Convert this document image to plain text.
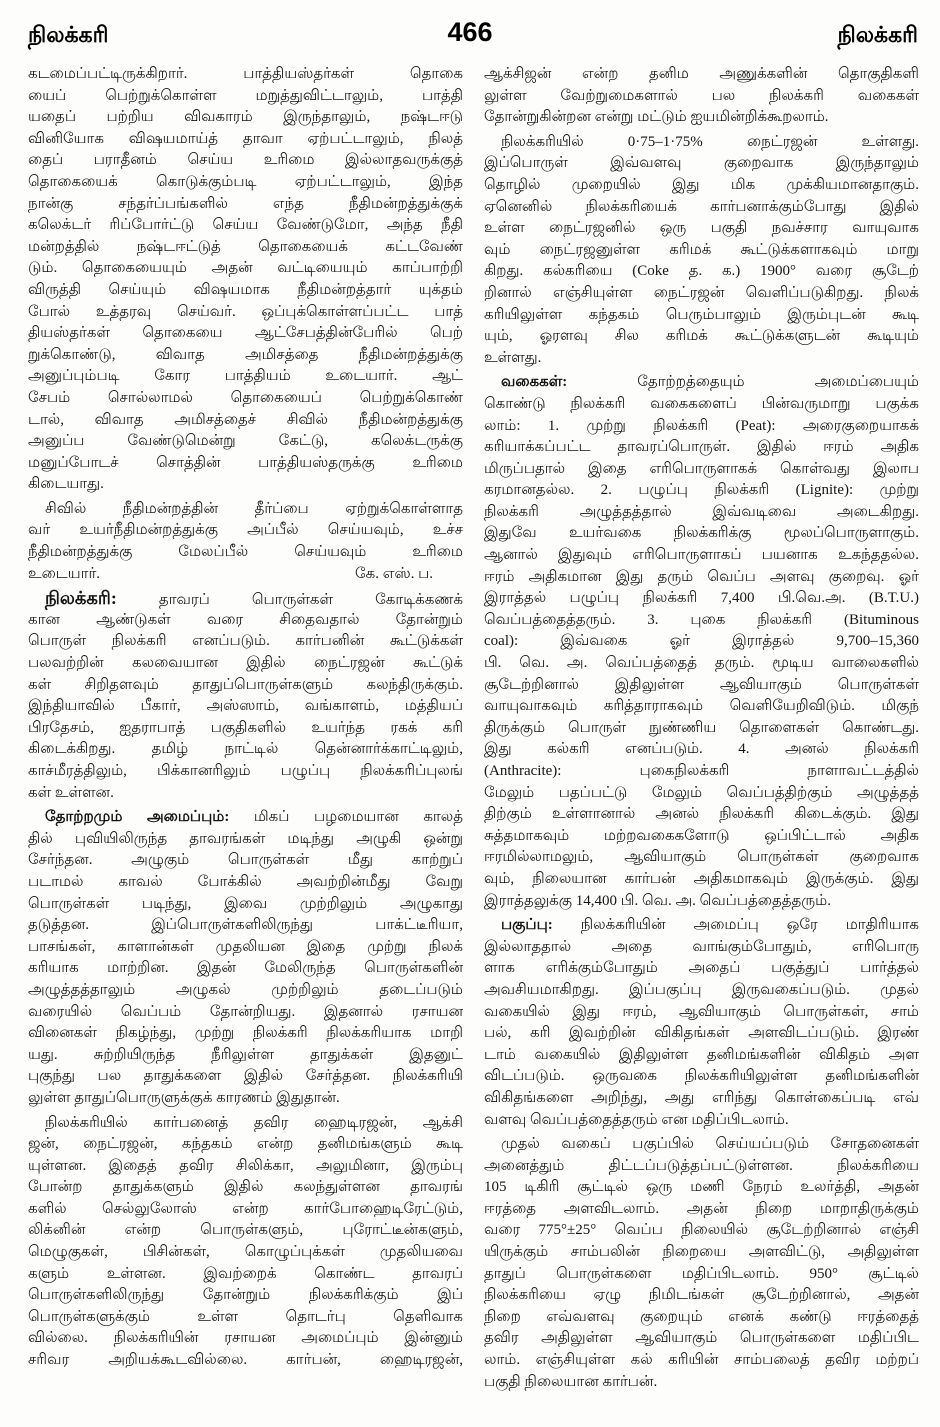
நிலக்கரி	466	நிலக்கரி
கடமைப்பட்டிருக்கிறார். பாத்தியஸ்தர்கள் தொகை
யைப் பெற்றுக்கொள்ள மறுத்துவிட்டாலும், பாத்தி
யதைப் பற்றிய விவகாரம் இருந்தாலும், நஷ்டஈடு
வினியோக விஷயமாய்த் தாவா ஏற்பட்டாலும், நிலத்
தைப் பராதீனம் செய்ய உரிமை இல்லாதவருக்குத்
தொகையைக் கொடுக்கும்படி ஏற்பட்டாலும், இந்த
நான்கு சந்தர்ப்பங்களில் எந்த நீதிமன்றத்துக்குக்
கலெக்டர் ரிப்போர்ட்டு செய்ய வேண்டுமோ, அந்த நீதி
மன்றத்தில் நஷ்டஈட்டுத் தொகையைக் கட்டவேண்
டும். தொகையையும் அதன் வட்டியையும் காப்பாற்றி
விருத்தி செய்யும் விஷயமாக நீதிமன்றத்தார் யுக்தம்
போல் உத்தரவு செய்வர். ஒப்புக்கொள்ளப்பட்ட பாத்
தியஸ்தர்கள் தொகையை ஆட்சேபத்தின்பேரில் பெற்
றுக்கொண்டு, விவாத அமிசத்தை நீதிமன்றத்துக்கு
அனுப்பும்படி கோர பாத்தியம் உடையார். ஆட்
சேபம் சொல்லாமல் தொகையைப் பெற்றுக்கொண்
டால், விவாத அமிசத்தைச் சிவில் நீதிமன்றத்துக்கு
அனுப்ப வேண்டுமென்று கேட்டு, கலெக்டருக்கு
மனுப்போடச் சொத்தின் பாத்தியஸ்தருக்கு உரிமை
கிடையாது.
சிவில் நீதிமன்றத்தின் தீர்ப்பை ஏற்றுக்கொள்ளாத
வர் உயர்நீதிமன்றத்துக்கு அப்பீல் செய்யவும், உச்ச
நீதிமன்றத்துக்கு மேலப்பீல் செய்யவும் உரிமை
உடையார்.	கே. எஸ். ப.
நிலக்கரி:	தாவரப் பொருள்கள் கோடிக்கணக்
கான ஆண்டுகள் வரை சிதைவதால் தோன்றும்
பொருள் நிலக்கரி எனப்படும். கார்பனின் கூட்டுக்கள்
பலவற்றின் கலவையான இதில் நைட்ரஜன் கூட்டுக்
கள் சிறிதளவும் தாதுப்பொருள்களும் கலந்திருக்கும்.
இந்தியாவில் பீகார், அஸ்ஸாம், வங்காளம், மத்தியப்
பிரதேசம், ஐதராபாத் பகுதிகளில் உயர்ந்த ரகக் கரி
கிடைக்கிறது. தமிழ் நாட்டில் தென்னார்க்காட்டிலும்,
காச்மீரத்திலும், பிக்கானரிலும் பழுப்பு நிலக்கரிப்புலங்
கள் உள்ளன.
தோற்றமும் அமைப்பும்: மிகப் பழமையான காலத்
தில் புவியிலிருந்த தாவரங்கள் மடிந்து அழுகி ஒன்று
சேர்ந்தன. அழுகும் பொருள்கள் மீது காற்றுப்
படாமல் காவல் போக்கில் அவற்றின்மீது வேறு
பொருள்கள் படிந்து, இவை முற்றிலும் அழுகாது
தடுத்தன. இப்பொருள்களிலிருந்து பாக்ட்டீரியா,
பாசங்கள், காளான்கள் முதலியன இதை முற்று நிலக்
கரியாக மாற்றின. இதன் மேலிருந்த பொருள்களின்
அழுத்தத்தாலும் அழுகல் முற்றிலும் தடைப்படும்
வரையில் வெப்பம் தோன்றியது. இதனால் ரசாயன
வினைகள் நிகழ்ந்து, முற்று நிலக்கரி நிலக்கரியாக மாறி
யது. சுற்றியிருந்த நீரிலுள்ள தாதுக்கள் இதனுட்
புகுந்து பல தாதுக்களை இதில் சேர்த்தன. நிலக்கரியி
லுள்ள தாதுப்பொருளுக்குக் காரணம் இதுதான்.
நிலக்கரியில் கார்பனைத் தவிர ஹைடிரஜன், ஆக்சி
ஜன், நைட்ரஜன், கந்தகம் என்ற தனிமங்களும் கூடி
யுள்ளன. இதைத் தவிர சிலிக்கா, அலுமினா, இரும்பு
போன்ற தாதுக்களும் இதில் கலந்துள்ளன தாவரங்
களில் செல்லுலோஸ் என்ற கார்போஹைடிரேட்டும்,
லிக்னின் என்ற பொருள்களும், புரோட்டீன்களும்,
மெழுகுகள், பிசின்கள், கொழுப்புக்கள் முதலியவை
களும் உள்ளன. இவற்றைக் கொண்ட தாவரப்
பொருள்களிலிருந்து தோன்றும் நிலக்கரிக்கும் இப்
பொருள்களுக்கும் உள்ள தொடர்பு தெளிவாக
வில்லை. நிலக்கரியின் ரசாயன அமைப்பும் இன்னும்
சரிவர அறியக்கூடவில்லை. கார்பன், ஹைடிரஜன்,
ஆக்சிஜன் என்ற தனிம அணுக்களின் தொகுதிகளி
லுள்ள வேற்றுமைகளால் பல நிலக்கரி வகைகள்
தோன்றுகின்றன என்று மட்டும் ஐயமின்றிக்கூறலாம்.
நிலக்கரியில் 0·75–1·75% நைட்ரஜன் உள்ளது.
இப்பொருள் இவ்வளவு குறைவாக இருந்தாலும்
தொழில் முறையில் இது மிக முக்கியமானதாகும்.
ஏனெனில் நிலக்கரியைக் கார்பனாக்கும்போது இதில்
உள்ள நைட்ரஜனில் ஒரு பகுதி நவச்சார வாயுவாக
வும் நைட்ரஜனுள்ள கரிமக் கூட்டுக்களாகவும் மாறு
கிறது. கல்கரியை (Coke த. க.) 1900° வரை சூடேற்
றினால் எஞ்சியுள்ள நைட்ரஜன் வெளிப்படுகிறது. நிலக்
கரியிலுள்ள கந்தகம் பெரும்பாலும் இரும்புடன் கூடி
யும், ஓரளவு சில கரிமக் கூட்டுக்களுடன் கூடியும்
உள்ளது.
வகைகள்:	தோற்றத்தையும் அமைப்பையும்
கொண்டு நிலக்கரி வகைகளைப் பின்வருமாறு பகுக்க
லாம்: 1. முற்று நிலக்கரி (Peat): அரைகுறையாகக்
கரியாக்கப்பட்ட தாவரப்பொருள். இதில் ஈரம் அதிக
மிருப்பதால் இதை எரிபொருளாகக் கொள்வது இலாப
கரமானதல்ல. 2. பழுப்பு நிலக்கரி (Lignite): முற்று
நிலக்கரி அழுத்தத்தால் இவ்வடிவை அடைகிறது.
இதுவே உயர்வகை நிலக்கரிக்கு மூலப்பொருளாகும்.
ஆனால் இதுவும் எரிபொருளாகப் பயனாக உகந்ததல்ல.
ஈரம் அதிகமான இது தரும் வெப்ப அளவு குறைவு. ஓர்
இராத்தல் பழுப்பு நிலக்கரி 7,400 பி.வெ.அ. (B.T.U.)
வெப்பத்தைத்தரும். 3. புகை நிலக்கரி (Bituminous
coal): இவ்வகை ஓர் இராத்தல் 9,700–15,360
பி. வெ. அ. வெப்பத்தைத் தரும். மூடிய வாலைகளில்
சூடேற்றினால் இதிலுள்ள ஆவியாகும் பொருள்கள்
வாயுவாகவும் கரித்தாராகவும் வெளியேறிவிடும். மிகுந்
திருக்கும் பொருள் நுண்ணிய தொளைகள் கொண்டது.
இது கல்கரி எனப்படும். 4. அனல் நிலக்கரி
(Anthracite): புகைநிலக்கரி நாளாவட்டத்தில்
மேலும் பதப்பட்டு மேலும் வெப்பத்திற்கும் அழுத்தத்
திற்கும் உள்ளானால் அனல் நிலக்கரி கிடைக்கும். இது
சுத்தமாகவும் மற்றவகைகளோடு ஒப்பிட்டால் அதிக
ஈரமில்லாமலும், ஆவியாகும் பொருள்கள் குறைவாக
வும், நிலையான கார்பன் அதிகமாகவும் இருக்கும். இது
இராத்தலுக்கு 14,400 பி. வெ. அ. வெப்பத்தைத்தரும்.
பகுப்பு: நிலக்கரியின் அமைப்பு ஒரே மாதிரியாக
இல்லாததால் அதை வாங்கும்போதும், எரிபொரு
ளாக எரிக்கும்போதும் அதைப் பகுத்துப் பார்த்தல்
அவசியமாகிறது. இப்பகுப்பு இருவகைப்படும். முதல்
வகையில் இது ஈரம், ஆவியாகும் பொருள்கள், சாம்
பல், கரி இவற்றின் விகிதங்கள் அளவிடப்படும். இரண்
டாம் வகையில் இதிலுள்ள தனிமங்களின் விகிதம் அள
விடப்படும். ஒருவகை நிலக்கரியிலுள்ள தனிமங்களின்
விகிதங்களை அறிந்து, அது எரிந்து கொள்கைப்படி எவ்
வளவு வெப்பத்தைத்தரும் என மதிப்பிடலாம்.
முதல் வகைப் பகுப்பில் செய்யப்படும் சோதனைகள்
அனைத்தும் திட்டப்படுத்தப்பட்டுள்ளன. நிலக்கரியை
105 டிகிரி சூட்டில் ஒரு மணி நேரம் உலர்த்தி, அதன்
ஈரத்தை அளவிடலாம். அதன் நிறை மாறாதிருக்கும்
வரை 775°±25° வெப்ப நிலையில் சூடேற்றினால் எஞ்சி
யிருக்கும் சாம்பலின் நிறையை அளவிட்டு, அதிலுள்ள
தாதுப் பொருள்களை மதிப்பிடலாம். 950° சூட்டில்
நிலக்கரியை ஏழு நிமிடங்கள் சூடேற்றினால், அதன்
நிறை எவ்வளவு குறையும் எனக் கண்டு ஈரத்தைத்
தவிர அதிலுள்ள ஆவியாகும் பொருள்களை மதிப்பிட
லாம். எஞ்சியுள்ள கல் கரியின் சாம்பலைத் தவிர மற்றப்
பகுதி நிலையான கார்பன்.
